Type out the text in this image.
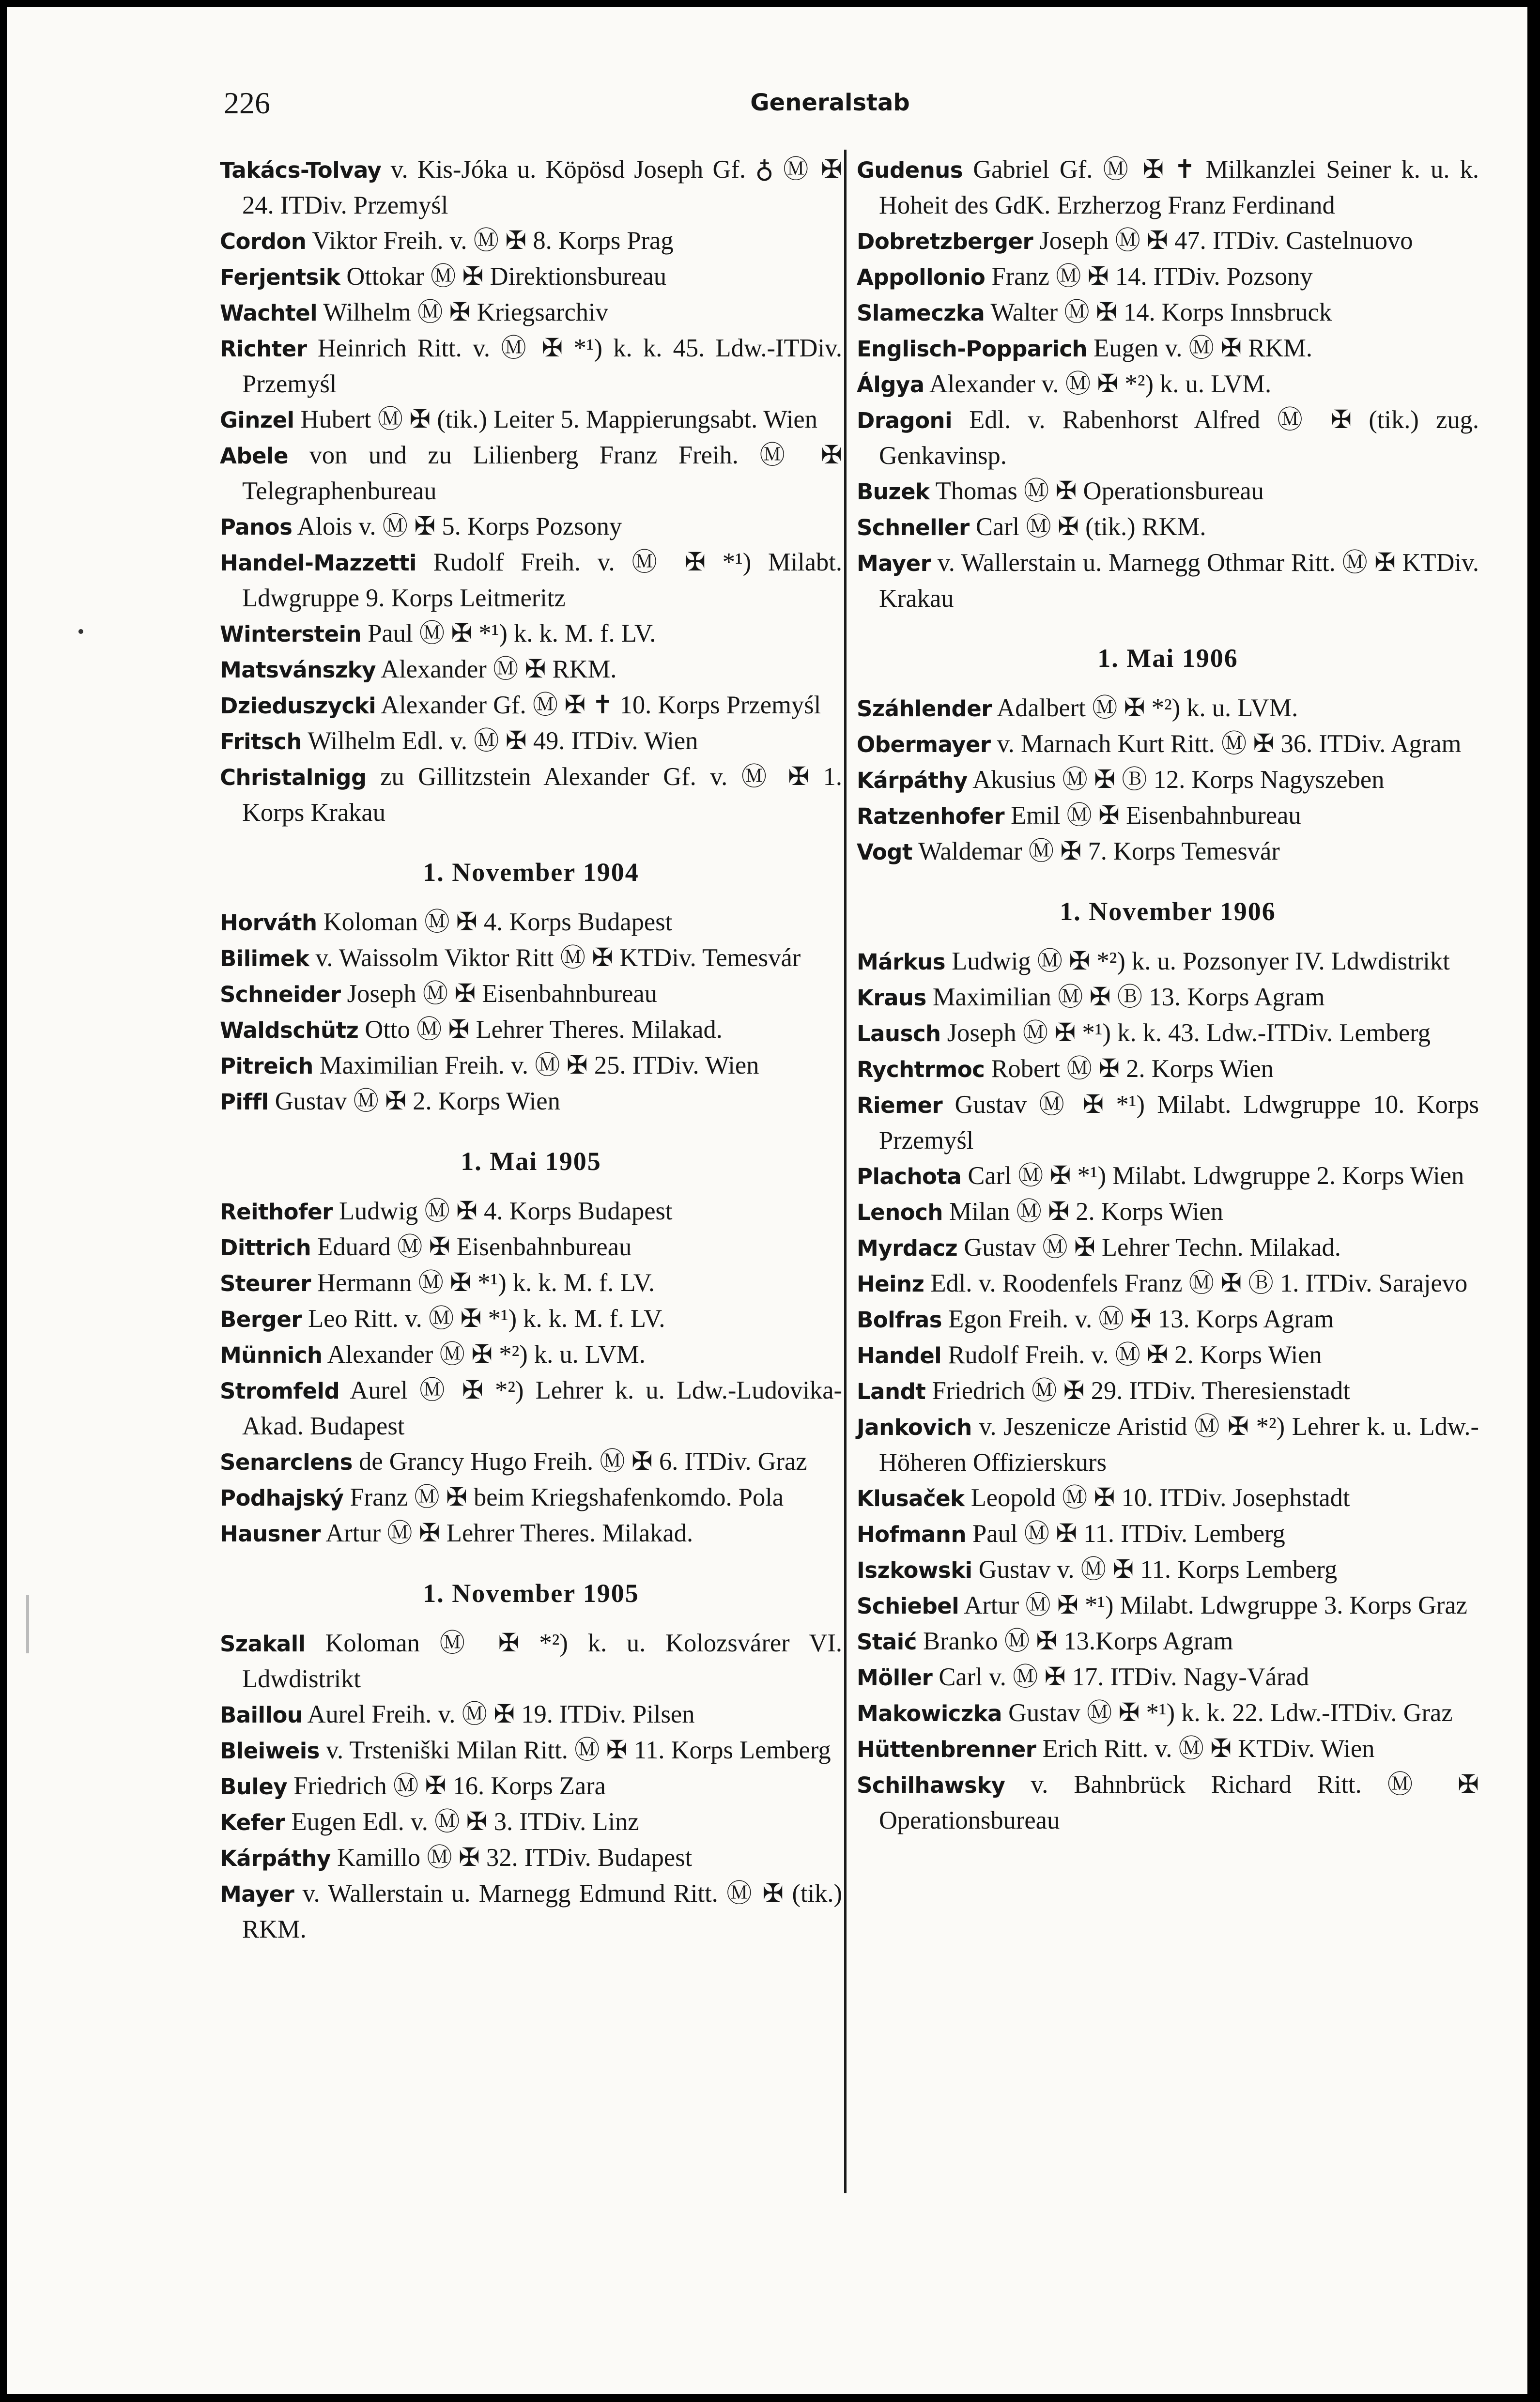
226	Generalstab

Takács-Tolvay v. Kis-Jóka u. Köpösd Joseph Gf. ♁ Ⓜ ✠ 24. ITDiv. Przemyśl

Cordon Viktor Freih. v. Ⓜ ✠ 8. Korps Prag

Ferjentsik Ottokar Ⓜ ✠ Direktionsbureau

Wachtel Wilhelm Ⓜ ✠ Kriegsarchiv

Richter Heinrich Ritt. v. Ⓜ ✠ *¹) k. k. 45. Ldw.-ITDiv. Przemyśl

Ginzel Hubert Ⓜ ✠ (tik.) Leiter 5. Mappierungsabt. Wien

Abele von und zu Lilienberg Franz Freih. Ⓜ ✠ Telegraphenbureau

Panos Alois v. Ⓜ ✠ 5. Korps Pozsony

Handel-Mazzetti Rudolf Freih. v. Ⓜ ✠ *¹) Milabt. Ldwgruppe 9. Korps Leitmeritz

Winterstein Paul Ⓜ ✠ *¹) k. k. M. f. LV.

Matsvánszky Alexander Ⓜ ✠ RKM.

Dzieduszycki Alexander Gf. Ⓜ ✠ ✝ 10. Korps Przemyśl

Fritsch Wilhelm Edl. v. Ⓜ ✠ 49. ITDiv. Wien

Christalnigg zu Gillitzstein Alexander Gf. v. Ⓜ ✠ 1. Korps Krakau

1. November 1904

Horváth Koloman Ⓜ ✠ 4. Korps Budapest

Bilimek v. Waissolm Viktor Ritt Ⓜ ✠ KTDiv. Temesvár

Schneider Joseph Ⓜ ✠ Eisenbahnbureau

Waldschütz Otto Ⓜ ✠ Lehrer Theres. Milakad.

Pitreich Maximilian Freih. v. Ⓜ ✠ 25. ITDiv. Wien

Piffl Gustav Ⓜ ✠ 2. Korps Wien

1. Mai 1905

Reithofer Ludwig Ⓜ ✠ 4. Korps Budapest

Dittrich Eduard Ⓜ ✠ Eisenbahnbureau

Steurer Hermann Ⓜ ✠ *¹) k. k. M. f. LV.

Berger Leo Ritt. v. Ⓜ ✠ *¹) k. k. M. f. LV.

Münnich Alexander Ⓜ ✠ *²) k. u. LVM.

Stromfeld Aurel Ⓜ ✠ *²) Lehrer k. u. Ldw.-Ludovika-Akad. Budapest

Senarclens de Grancy Hugo Freih. Ⓜ ✠ 6. ITDiv. Graz

Podhajský Franz Ⓜ ✠ beim Kriegshafenkomdo. Pola

Hausner Artur Ⓜ ✠ Lehrer Theres. Milakad.

1. November 1905

Szakall Koloman Ⓜ ✠ *²) k. u. Kolozsvárer VI. Ldwdistrikt

Baillou Aurel Freih. v. Ⓜ ✠ 19. ITDiv. Pilsen

Bleiweis v. Trsteniški Milan Ritt. Ⓜ ✠ 11. Korps Lemberg

Buley Friedrich Ⓜ ✠ 16. Korps Zara

Kefer Eugen Edl. v. Ⓜ ✠ 3. ITDiv. Linz

Kárpáthy Kamillo Ⓜ ✠ 32. ITDiv. Budapest

Mayer v. Wallerstain u. Marnegg Edmund Ritt. Ⓜ ✠ (tik.) RKM.

Gudenus Gabriel Gf. Ⓜ ✠ ✝ Milkanzlei Seiner k. u. k. Hoheit des GdK. Erzherzog Franz Ferdinand

Dobretzberger Joseph Ⓜ ✠ 47. ITDiv. Castelnuovo

Appollonio Franz Ⓜ ✠ 14. ITDiv. Pozsony

Slameczka Walter Ⓜ ✠ 14. Korps Innsbruck

Englisch-Popparich Eugen v. Ⓜ ✠ RKM.

Álgya Alexander v. Ⓜ ✠ *²) k. u. LVM.

Dragoni Edl. v. Rabenhorst Alfred Ⓜ ✠ (tik.) zug. Genkavinsp.

Buzek Thomas Ⓜ ✠ Operationsbureau

Schneller Carl Ⓜ ✠ (tik.) RKM.

Mayer v. Wallerstain u. Marnegg Othmar Ritt. Ⓜ ✠ KTDiv. Krakau

1. Mai 1906

Száhlender Adalbert Ⓜ ✠ *²) k. u. LVM.

Obermayer v. Marnach Kurt Ritt. Ⓜ ✠ 36. ITDiv. Agram

Kárpáthy Akusius Ⓜ ✠ Ⓑ 12. Korps Nagyszeben

Ratzenhofer Emil Ⓜ ✠ Eisenbahnbureau

Vogt Waldemar Ⓜ ✠ 7. Korps Temesvár

1. November 1906

Márkus Ludwig Ⓜ ✠ *²) k. u. Pozsonyer IV. Ldwdistrikt

Kraus Maximilian Ⓜ ✠ Ⓑ 13. Korps Agram

Lausch Joseph Ⓜ ✠ *¹) k. k. 43. Ldw.-ITDiv. Lemberg

Rychtrmoc Robert Ⓜ ✠ 2. Korps Wien

Riemer Gustav Ⓜ ✠ *¹) Milabt. Ldwgruppe 10. Korps Przemyśl

Plachota Carl Ⓜ ✠ *¹) Milabt. Ldwgruppe 2. Korps Wien

Lenoch Milan Ⓜ ✠ 2. Korps Wien

Myrdacz Gustav Ⓜ ✠ Lehrer Techn. Milakad.

Heinz Edl. v. Roodenfels Franz Ⓜ ✠ Ⓑ 1. ITDiv. Sarajevo

Bolfras Egon Freih. v. Ⓜ ✠ 13. Korps Agram

Handel Rudolf Freih. v. Ⓜ ✠ 2. Korps Wien

Landt Friedrich Ⓜ ✠ 29. ITDiv. Theresienstadt

Jankovich v. Jeszenicze Aristid Ⓜ ✠ *²) Lehrer k. u. Ldw.-Höheren Offizierskurs

Klusaček Leopold Ⓜ ✠ 10. ITDiv. Josephstadt

Hofmann Paul Ⓜ ✠ 11. ITDiv. Lemberg

Iszkowski Gustav v. Ⓜ ✠ 11. Korps Lemberg

Schiebel Artur Ⓜ ✠ *¹) Milabt. Ldwgruppe 3. Korps Graz

Staić Branko Ⓜ ✠ 13.Korps Agram

Möller Carl v. Ⓜ ✠ 17. ITDiv. Nagy-Várad

Makowiczka Gustav Ⓜ ✠ *¹) k. k. 22. Ldw.-ITDiv. Graz

Hüttenbrenner Erich Ritt. v. Ⓜ ✠ KTDiv. Wien

Schilhawsky v. Bahnbrück Richard Ritt. Ⓜ ✠ Operationsbureau
